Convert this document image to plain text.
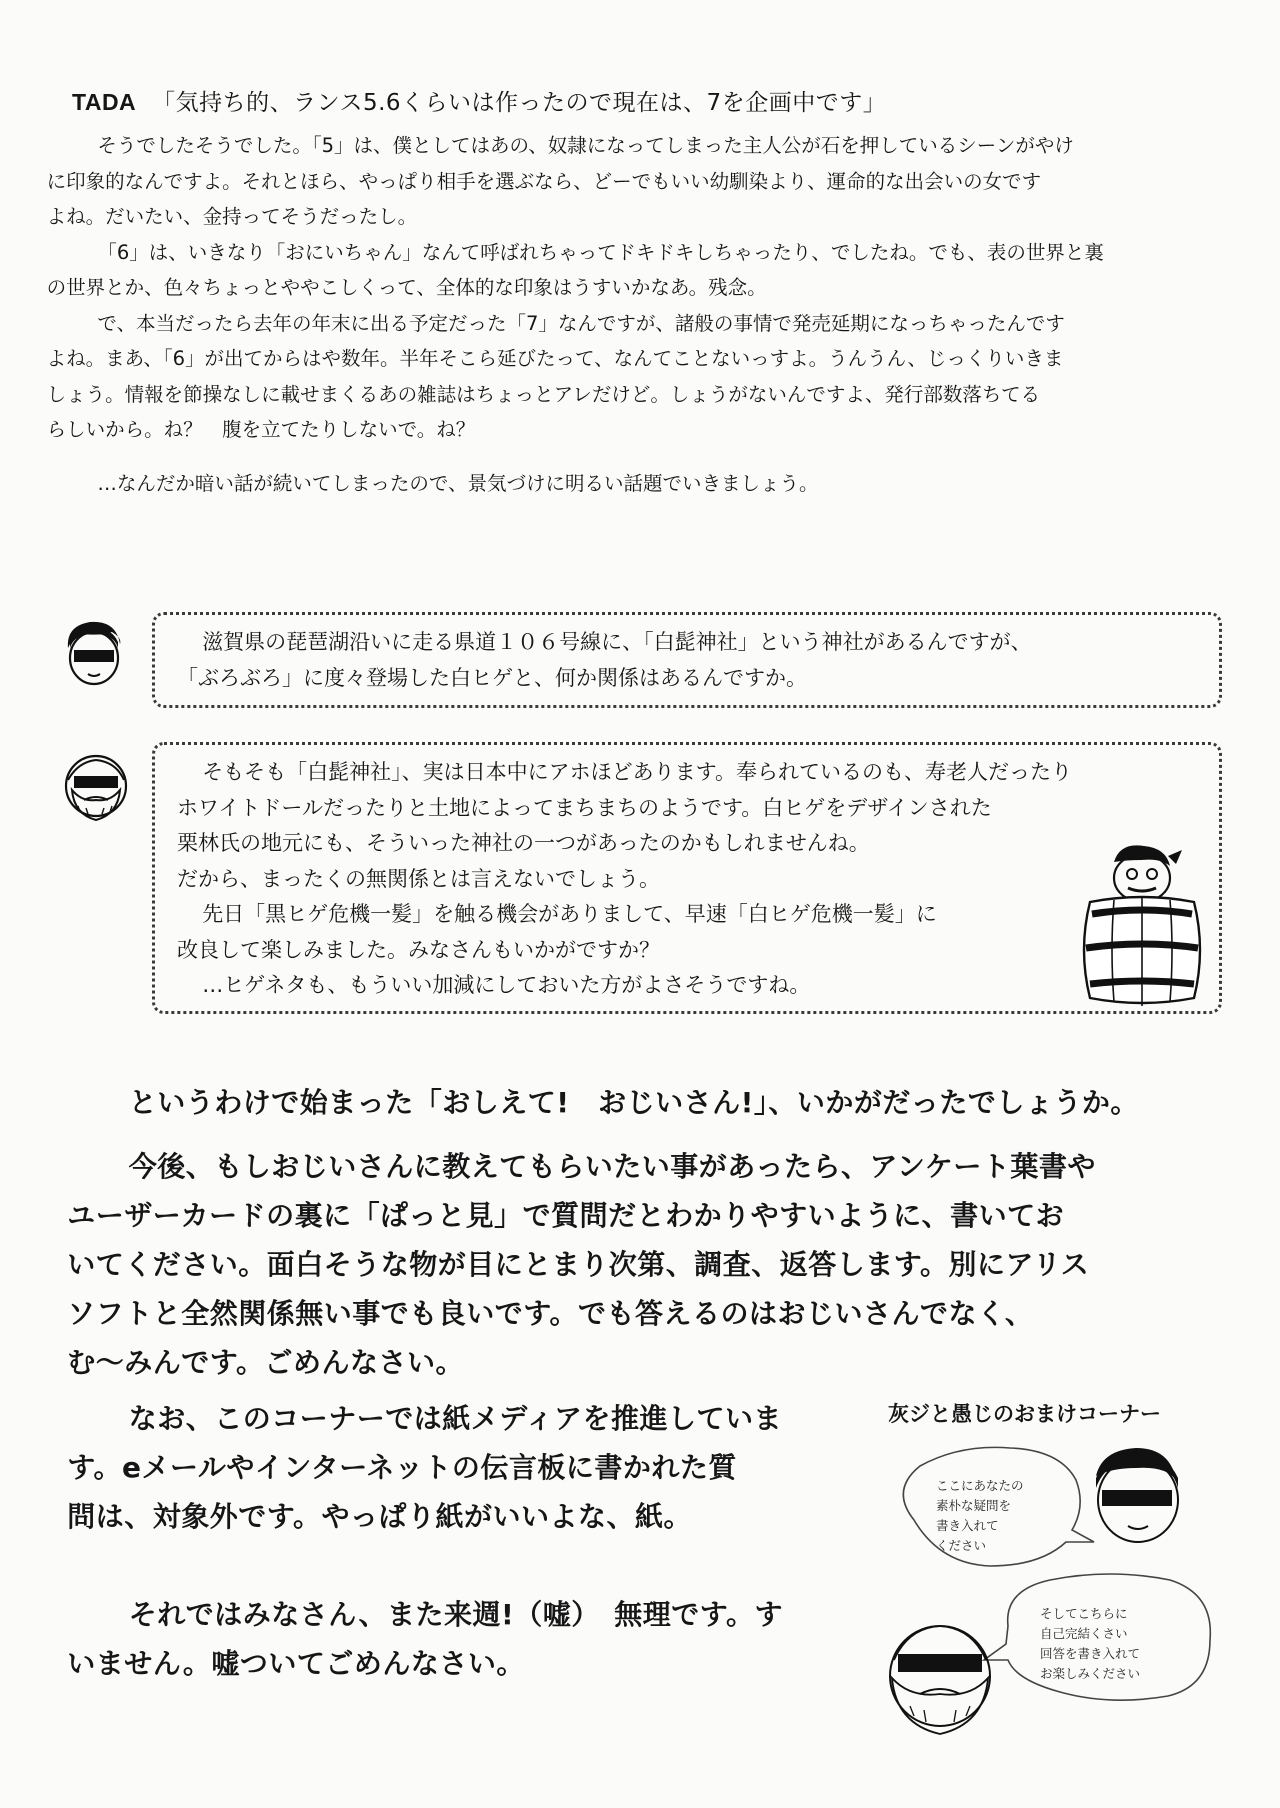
TADA 「気持ち的、ランス5.6くらいは作ったので現在は、7を企画中です」

そうでしたそうでした。「5」は、僕としてはあの、奴隷になってしまった主人公が石を押しているシーンがやけ
に印象的なんですよ。それとほら、やっぱり相手を選ぶなら、どーでもいい幼馴染より、運命的な出会いの女です
よね。だいたい、金持ってそうだったし。

「6」は、いきなり「おにいちゃん」なんて呼ばれちゃってドキドキしちゃったり、でしたね。でも、表の世界と裏
の世界とか、色々ちょっとややこしくって、全体的な印象はうすいかなあ。残念。

で、本当だったら去年の年末に出る予定だった「7」なんですが、諸般の事情で発売延期になっちゃったんです
よね。まあ、「6」が出てからはや数年。半年そこら延びたって、なんてことないっすよ。うんうん、じっくりいきま
しょう。情報を節操なしに載せまくるあの雑誌はちょっとアレだけど。しょうがないんですよ、発行部数落ちてる
らしいから。ね？　腹を立てたりしないで。ね？

…なんだか暗い話が続いてしまったので、景気づけに明るい話題でいきましょう。

滋賀県の琵琶湖沿いに走る県道１０６号線に、「白髭神社」という神社があるんですが、

「ぶろぶろ」に度々登場した白ヒゲと、何か関係はあるんですか。

そもそも「白髭神社」、実は日本中にアホほどあります。奉られているのも、寿老人だったり

ホワイトドールだったりと土地によってまちまちのようです。白ヒゲをデザインされた

栗林氏の地元にも、そういった神社の一つがあったのかもしれませんね。

だから、まったくの無関係とは言えないでしょう。

先日「黒ヒゲ危機一髪」を触る機会がありまして、早速「白ヒゲ危機一髪」に

改良して楽しみました。みなさんもいかがですか？

…ヒゲネタも、もういい加減にしておいた方がよさそうですね。

というわけで始まった「おしえて!　おじいさん!」、いかがだったでしょうか。

今後、もしおじいさんに教えてもらいたい事があったら、アンケート葉書や
ユーザーカードの裏に「ぱっと見」で質問だとわかりやすいように、書いてお
いてください。面白そうな物が目にとまり次第、調査、返答します。別にアリス
ソフトと全然関係無い事でも良いです。でも答えるのはおじいさんでなく、
む～みんです。ごめんなさい。

なお、このコーナーでは紙メディアを推進していま
す。eメールやインターネットの伝言板に書かれた質
問は、対象外です。やっぱり紙がいいよな、紙。

それではみなさん、また来週!（嘘）　無理です。す
いません。嘘ついてごめんなさい。

灰ジと愚じのおまけコーナー
ここにあなたの
素朴な疑問を
書き入れて
ください
そしてこちらに
自己完結くさい
回答を書き入れて
お楽しみください
